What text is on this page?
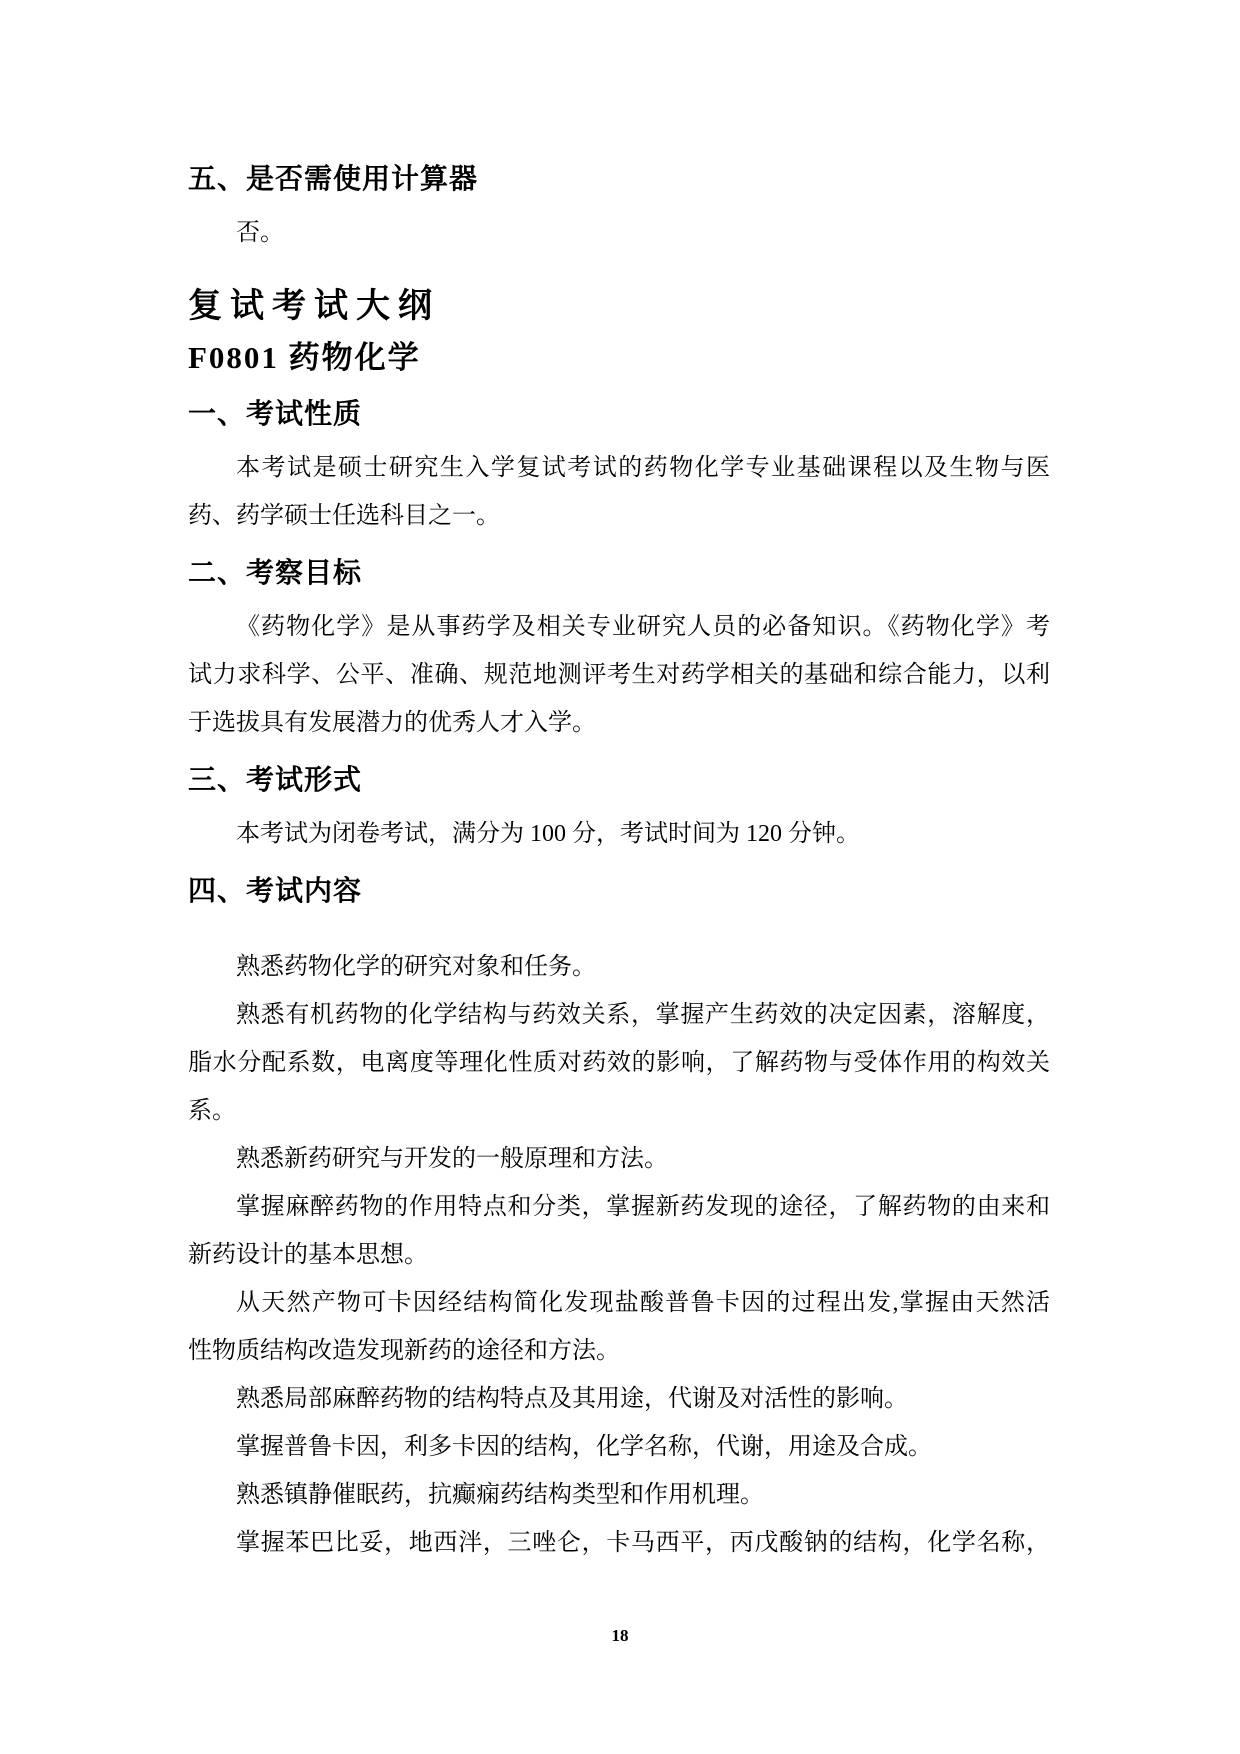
五、是否需使用计算器
否。
复试考试大纲
F0801 药物化学
一、考试性质
本考试是硕士研究生入学复试考试的药物化学专业基础课程以及生物与医
药、药学硕士任选科目之一。
二、考察目标
《药物化学》是从事药学及相关专业研究人员的必备知识。《药物化学》考
试力求科学、公平、准确、规范地测评考生对药学相关的基础和综合能力，以利
于选拔具有发展潜力的优秀人才入学。
三、考试形式
本考试为闭卷考试，满分为 100 分，考试时间为 120 分钟。
四、考试内容
熟悉药物化学的研究对象和任务。
熟悉有机药物的化学结构与药效关系，掌握产生药效的决定因素，溶解度，
脂水分配系数，电离度等理化性质对药效的影响，了解药物与受体作用的构效关
系。
熟悉新药研究与开发的一般原理和方法。
掌握麻醉药物的作用特点和分类，掌握新药发现的途径，了解药物的由来和
新药设计的基本思想。
从天然产物可卡因经结构简化发现盐酸普鲁卡因的过程出发,掌握由天然活
性物质结构改造发现新药的途径和方法。
熟悉局部麻醉药物的结构特点及其用途，代谢及对活性的影响。
掌握普鲁卡因，利多卡因的结构，化学名称，代谢，用途及合成。
熟悉镇静催眠药，抗癫痫药结构类型和作用机理。
掌握苯巴比妥，地西泮，三唑仑，卡马西平，丙戊酸钠的结构，化学名称，
18
